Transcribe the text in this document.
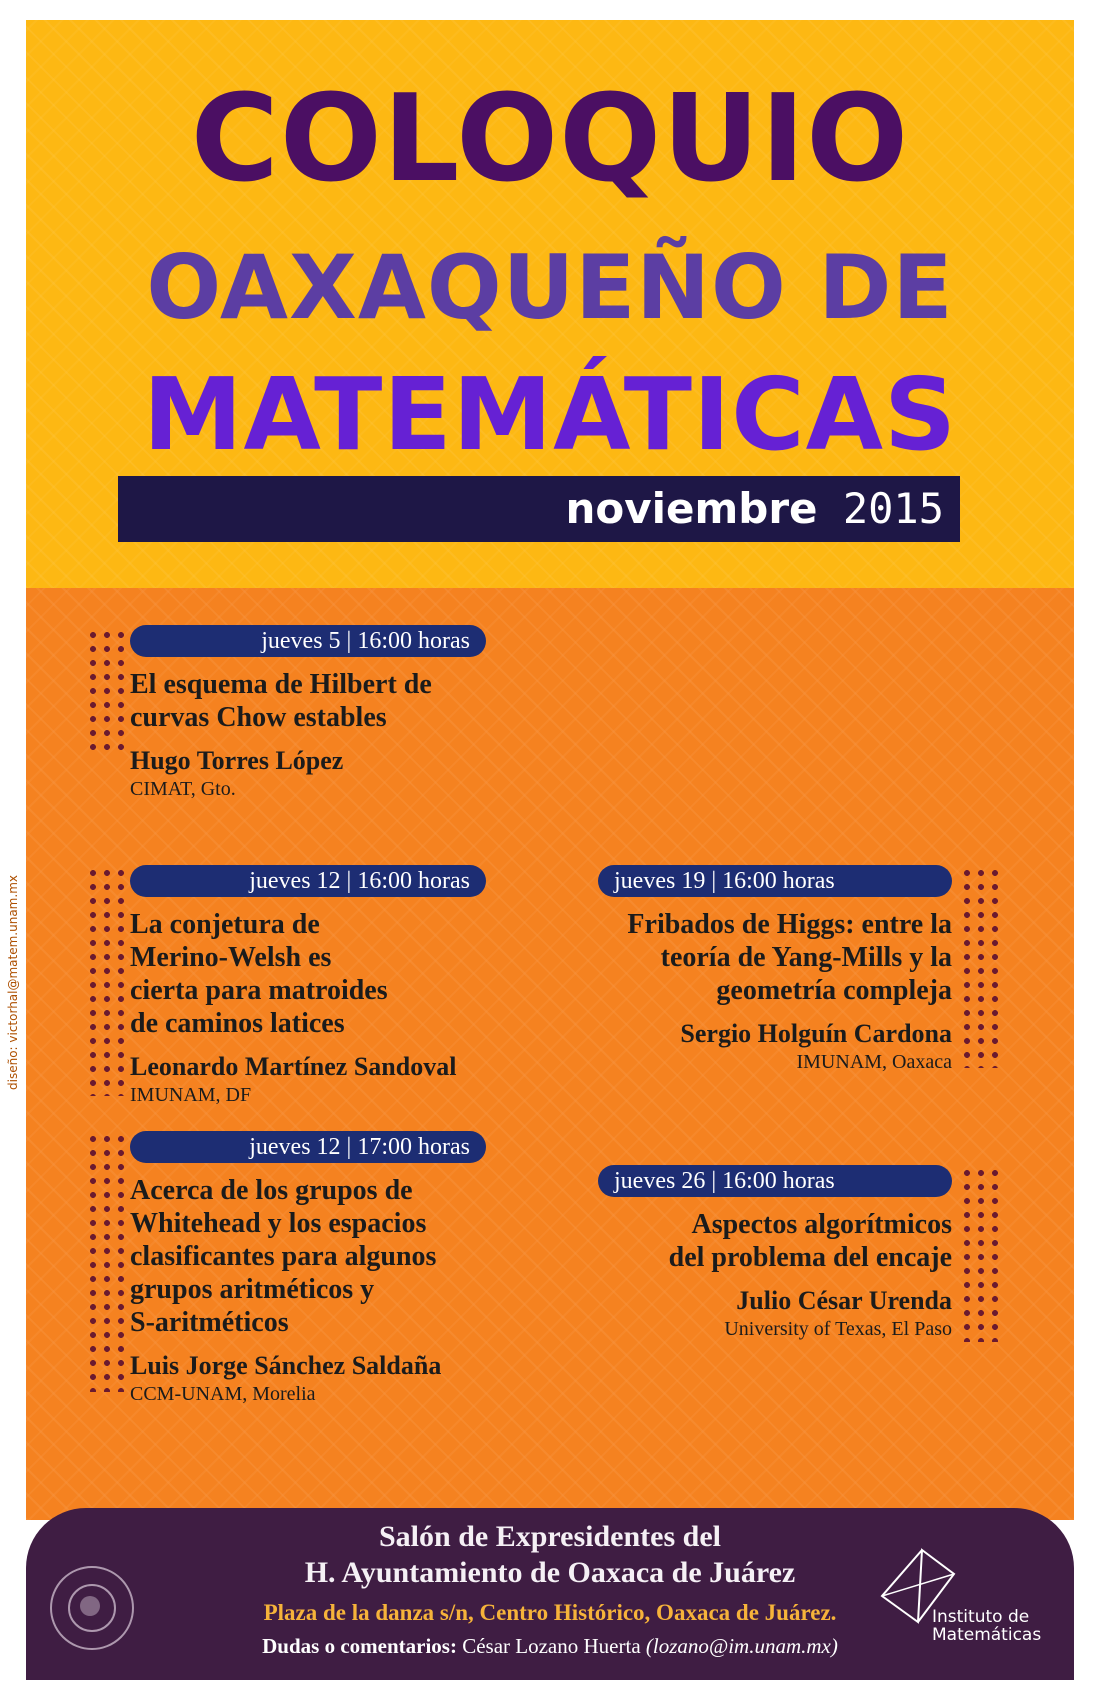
COLOQUIO
OAXAQUEÑO DE
MATEMÁTICAS
noviembre 2015
jueves 5 | 16:00 horas
El esquema de Hilbert de
curvas Chow estables
Hugo Torres López
CIMAT, Gto.
jueves 12 | 16:00 horas
La conjetura de
Merino-Welsh es
cierta para matroides
de caminos latices
Leonardo Martínez Sandoval
IMUNAM, DF
jueves 12 | 17:00 horas
Acerca de los grupos de
Whitehead y los espacios
clasificantes para algunos
grupos aritméticos y
S-aritméticos
Luis Jorge Sánchez Saldaña
CCM-UNAM, Morelia
jueves 19 | 16:00 horas
Fribados de Higgs: entre la
teoría de Yang-Mills y la
geometría compleja
Sergio Holguín Cardona
IMUNAM, Oaxaca
jueves 26 | 16:00 horas
Aspectos algorítmicos
del problema del encaje
Julio César Urenda
University of Texas, El Paso
diseño: victorhal@matem.unam.mx
Salón de Expresidentes del
H. Ayuntamiento de Oaxaca de Juárez
Plaza de la danza s/n, Centro Histórico, Oaxaca de Juárez.
Dudas o comentarios: César Lozano Huerta (lozano@im.unam.mx)
Instituto de
Matemáticas
